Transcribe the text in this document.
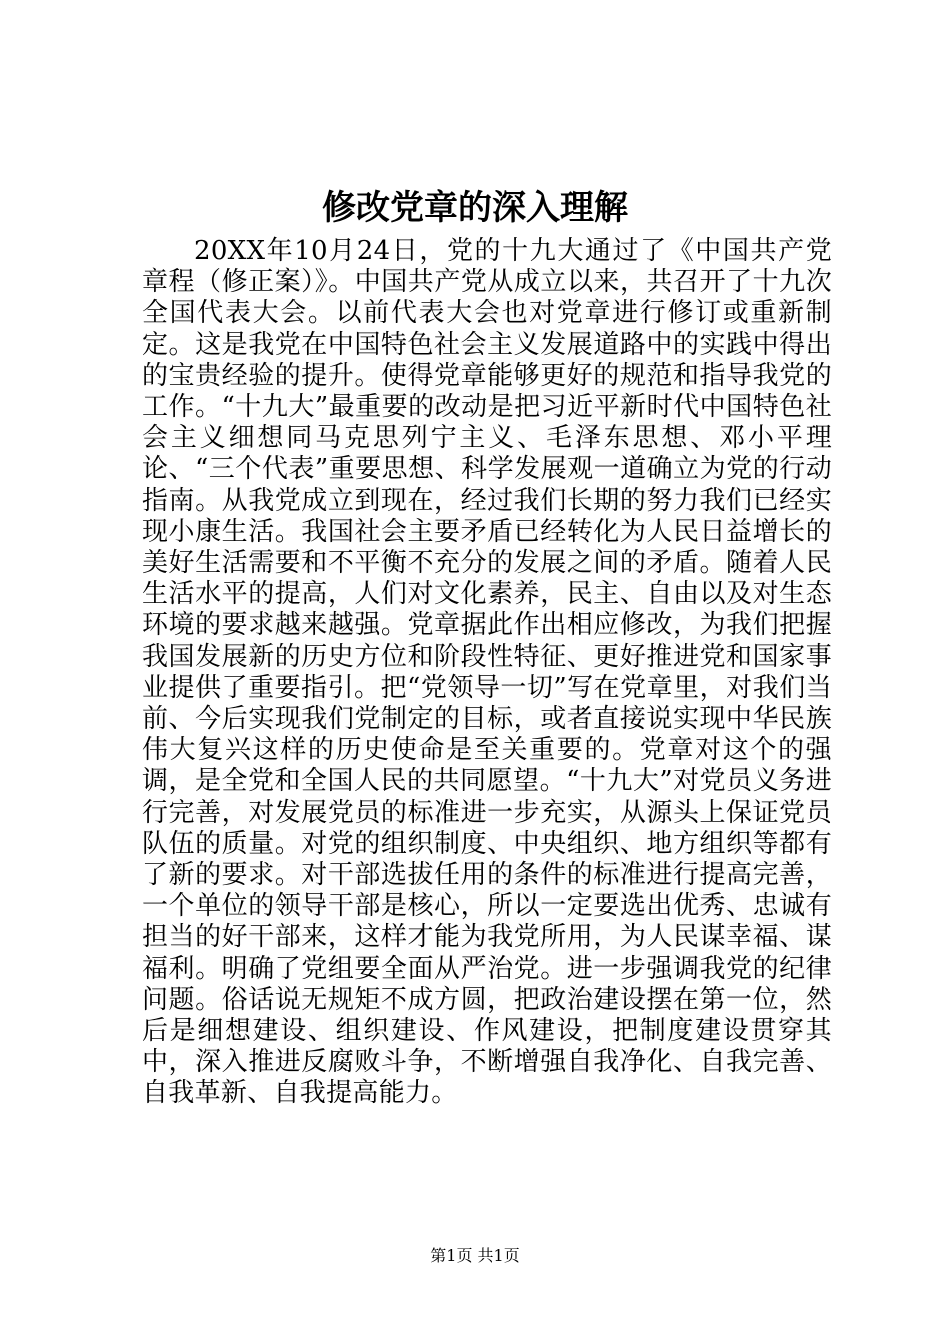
修改党章的深入理解

20XX年10月24日，党的十九大通过了《中国共产党章程（修正案）》。中国共产党从成立以来，共召开了十九次全国代表大会。以前代表大会也对党章进行修订或重新制定。这是我党在中国特色社会主义发展道路中的实践中得出的宝贵经验的提升。使得党章能够更好的规范和指导我党的工作。“十九大”最重要的改动是把习近平新时代中国特色社会主义细想同马克思列宁主义、毛泽东思想、邓小平理论、“三个代表”重要思想、科学发展观一道确立为党的行动指南。从我党成立到现在，经过我们长期的努力我们已经实现小康生活。我国社会主要矛盾已经转化为人民日益增长的美好生活需要和不平衡不充分的发展之间的矛盾。随着人民生活水平的提高，人们对文化素养，民主、自由以及对生态环境的要求越来越强。党章据此作出相应修改，为我们把握我国发展新的历史方位和阶段性特征、更好推进党和国家事业提供了重要指引。把“党领导一切”写在党章里，对我们当前、今后实现我们党制定的目标，或者直接说实现中华民族伟大复兴这样的历史使命是至关重要的。党章对这个的强调，是全党和全国人民的共同愿望。“十九大”对党员义务进行完善，对发展党员的标准进一步充实，从源头上保证党员队伍的质量。对党的组织制度、中央组织、地方组织等都有了新的要求。对干部选拔任用的条件的标准进行提高完善，一个单位的领导干部是核心，所以一定要选出优秀、忠诚有担当的好干部来，这样才能为我党所用，为人民谋幸福、谋福利。明确了党组要全面从严治党。进一步强调我党的纪律问题。俗话说无规矩不成方圆，把政治建设摆在第一位，然后是细想建设、组织建设、作风建设，把制度建设贯穿其中，深入推进反腐败斗争，不断增强自我净化、自我完善、自我革新、自我提高能力。

第1页 共1页
